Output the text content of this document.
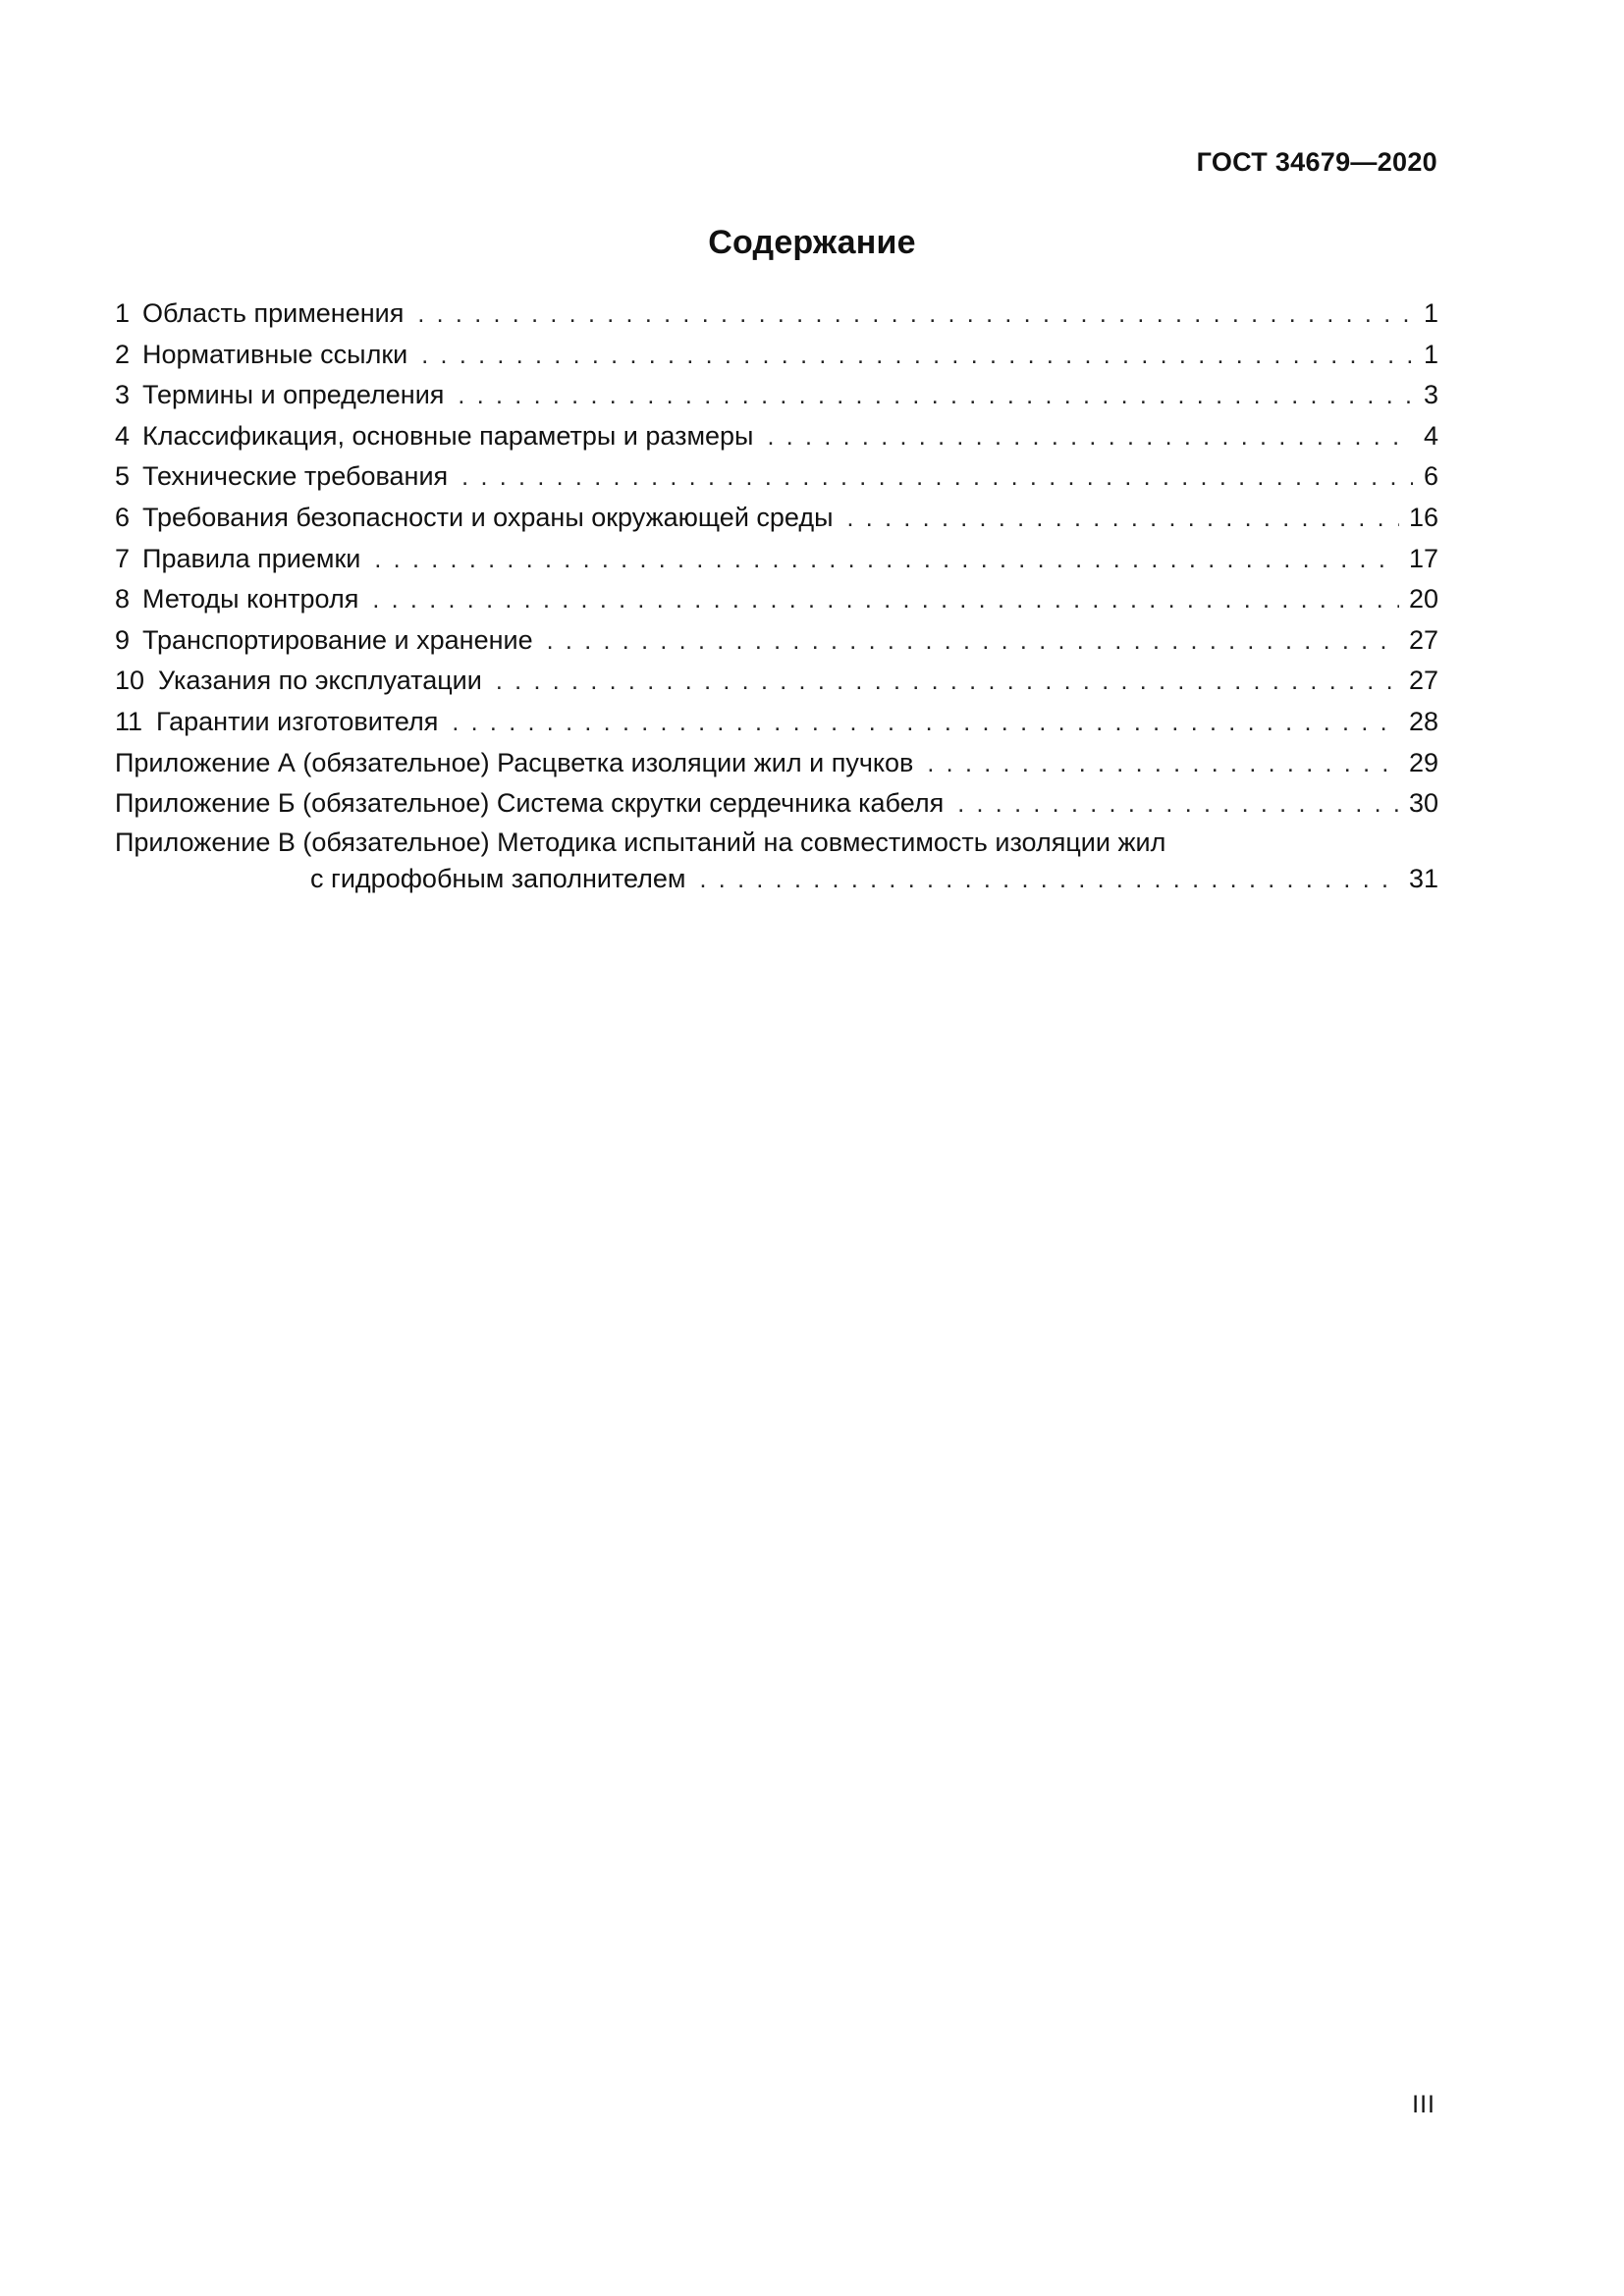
ГОСТ 34679—2020
Содержание
1 Область применения . . .	1
2 Нормативные ссылки . . .	1
3 Термины и определения . . .	3
4 Классификация, основные параметры и размеры . . .	4
5 Технические требования . . .	6
6 Требования безопасности и охраны окружающей среды . . .	16
7 Правила приемки . . .	17
8 Методы контроля . . .	20
9 Транспортирование и хранение . . .	27
10 Указания по эксплуатации . . .	27
11 Гарантии изготовителя . . .	28
Приложение А (обязательное) Расцветка изоляции жил и пучков . . .	29
Приложение Б (обязательное) Система скрутки сердечника кабеля . . .	30
Приложение В (обязательное) Методика испытаний на совместимость изоляции жил
с гидрофобным заполнителем . . .	31
III
